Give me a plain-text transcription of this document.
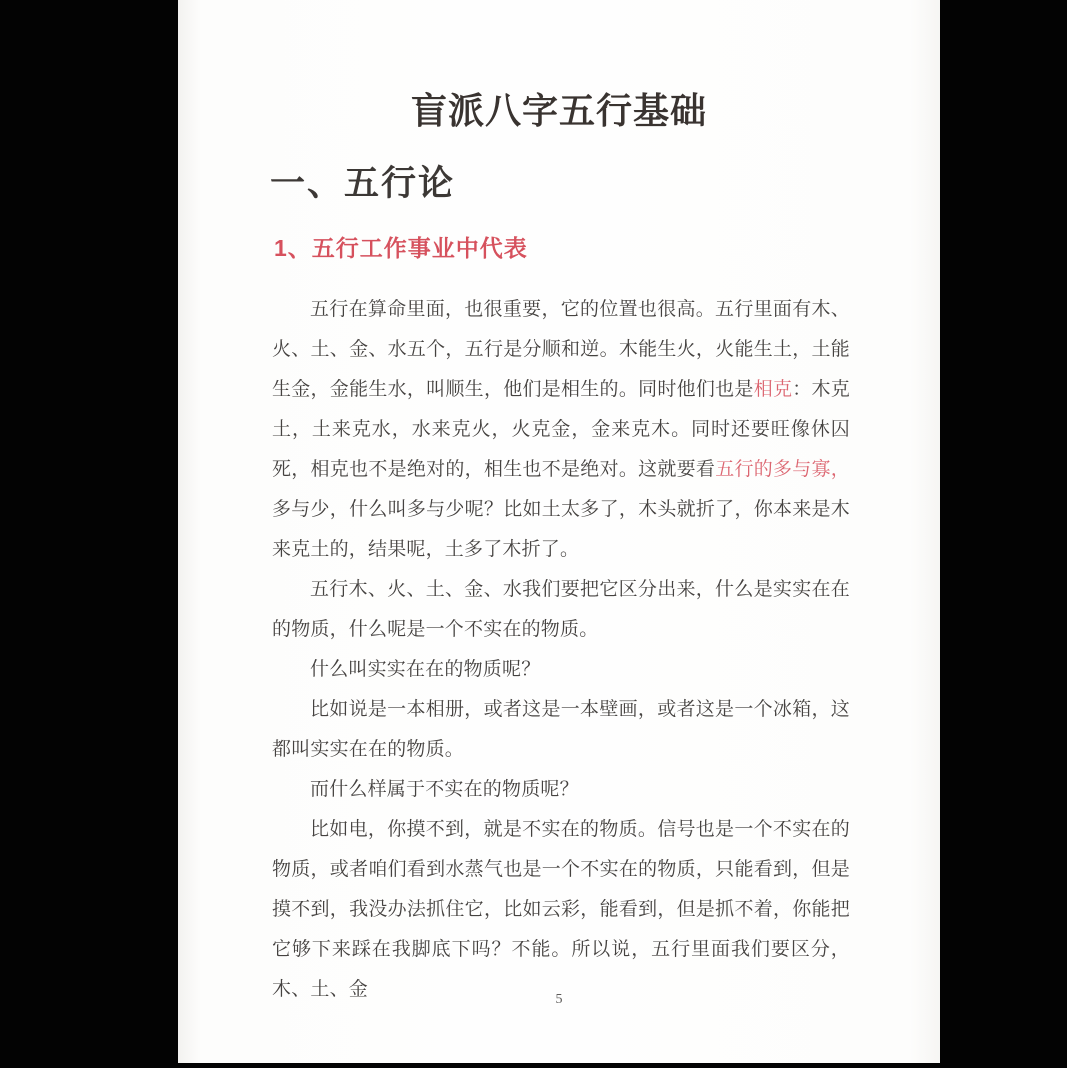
盲派八字五行基础
一、五行论
1、五行工作事业中代表

五行在算命里面，也很重要，它的位置也很高。五行里面有木、火、土、金、水五个，五行是分顺和逆。木能生火，火能生土，土能生金，金能生水，叫顺生，他们是相生的。同时他们也是相克：木克土，土来克水，水来克火，火克金，金来克木。同时还要旺像休囚死，相克也不是绝对的，相生也不是绝对。这就要看五行的多与寡，多与少，什么叫多与少呢？比如土太多了，木头就折了，你本来是木来克土的，结果呢，土多了木折了。

五行木、火、土、金、水我们要把它区分出来，什么是实实在在的物质，什么呢是一个不实在的物质。

什么叫实实在在的物质呢？

比如说是一本相册，或者这是一本壁画，或者这是一个冰箱，这都叫实实在在的物质。

而什么样属于不实在的物质呢？

比如电，你摸不到，就是不实在的物质。信号也是一个不实在的物质，或者咱们看到水蒸气也是一个不实在的物质，只能看到，但是摸不到，我没办法抓住它，比如云彩，能看到，但是抓不着，你能把它够下来踩在我脚底下吗？不能。所以说，五行里面我们要区分，木、土、金	5
